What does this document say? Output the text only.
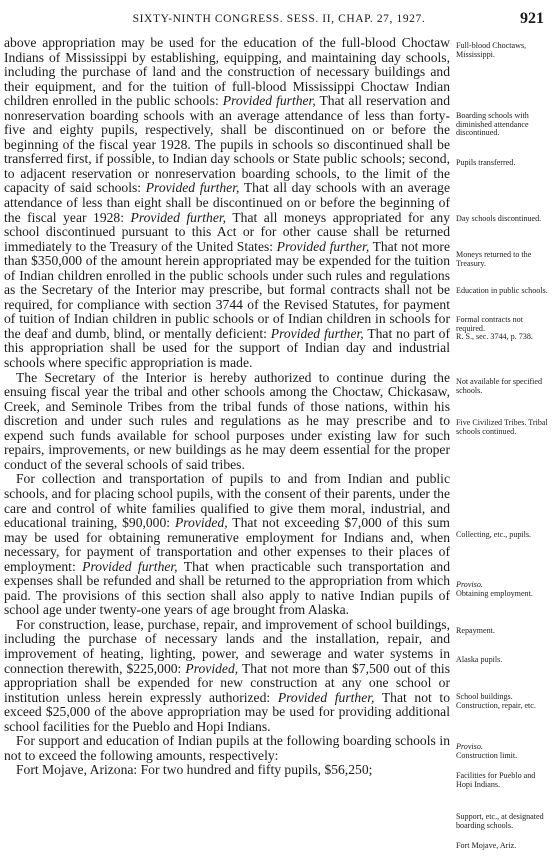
SIXTY-NINTH CONGRESS. SESS. II, CHAP. 27, 1927.	921

above appropriation may be used for the education of the full-blood Choctaw Indians of Mississippi by establishing, equipping, and maintaining day schools, including the purchase of land and the construction of necessary buildings and their equipment, and for the tuition of full-blood Mississippi Choctaw Indian children enrolled in the public schools: Provided further, That all reservation and nonreservation boarding schools with an average attendance of less than forty-five and eighty pupils, respectively, shall be discontinued on or before the beginning of the fiscal year 1928. The pupils in schools so discontinued shall be transferred first, if possible, to Indian day schools or State public schools; second, to adjacent reservation or nonreservation boarding schools, to the limit of the capacity of said schools: Provided further, That all day schools with an average attendance of less than eight shall be discontinued on or before the beginning of the fiscal year 1928: Provided further, That all moneys appropriated for any school discontinued pursuant to this Act or for other cause shall be returned immediately to the Treasury of the United States: Provided further, That not more than $350,000 of the amount herein appropriated may be expended for the tuition of Indian children enrolled in the public schools under such rules and regulations as the Secretary of the Interior may prescribe, but formal contracts shall not be required, for compliance with section 3744 of the Revised Statutes, for payment of tuition of Indian children in public schools or of Indian children in schools for the deaf and dumb, blind, or mentally deficient: Provided further, That no part of this appropriation shall be used for the support of Indian day and industrial schools where specific appropriation is made.

The Secretary of the Interior is hereby authorized to continue during the ensuing fiscal year the tribal and other schools among the Choctaw, Chickasaw, Creek, and Seminole Tribes from the tribal funds of those nations, within his discretion and under such rules and regulations as he may prescribe and to expend such funds available for school purposes under existing law for such repairs, improvements, or new buildings as he may deem essential for the proper conduct of the several schools of said tribes.

For collection and transportation of pupils to and from Indian and public schools, and for placing school pupils, with the consent of their parents, under the care and control of white families qualified to give them moral, industrial, and educational training, $90,000: Provided, That not exceeding $7,000 of this sum may be used for obtaining remunerative employment for Indians and, when necessary, for payment of transportation and other expenses to their places of employment: Provided further, That when practicable such transportation and expenses shall be refunded and shall be returned to the appropriation from which paid. The provisions of this section shall also apply to native Indian pupils of school age under twenty-one years of age brought from Alaska.

For construction, lease, purchase, repair, and improvement of school buildings, including the purchase of necessary lands and the installation, repair, and improvement of heating, lighting, power, and sewerage and water systems in connection therewith, $225,000: Provided, That not more than $7,500 out of this appropriation shall be expended for new construction at any one school or institution unless herein expressly authorized: Provided further, That not to exceed $25,000 of the above appropriation may be used for providing additional school facilities for the Pueblo and Hopi Indians.

For support and education of Indian pupils at the following boarding schools in not to exceed the following amounts, respectively:

Fort Mojave, Arizona: For two hundred and fifty pupils, $56,250;

Full-blood Choctaws, Mississippi.
Boarding schools with diminished attendance discontinued.
Pupils transferred.
Day schools discontinued.
Moneys returned to the Treasury.
Education in public schools.
Formal contracts not required.
R. S., sec. 3744, p. 738.
Not available for specified schools.
Five Civilized Tribes. Tribal schools continued.
Collecting, etc., pupils.
Proviso.
Obtaining employment.
Repayment.
Alaska pupils.
School buildings. Construction, repair, etc.
Proviso.
Construction limit.
Facilities for Pueblo and Hopi Indians.
Support, etc., at designated boarding schools.
Fort Mojave, Ariz.
